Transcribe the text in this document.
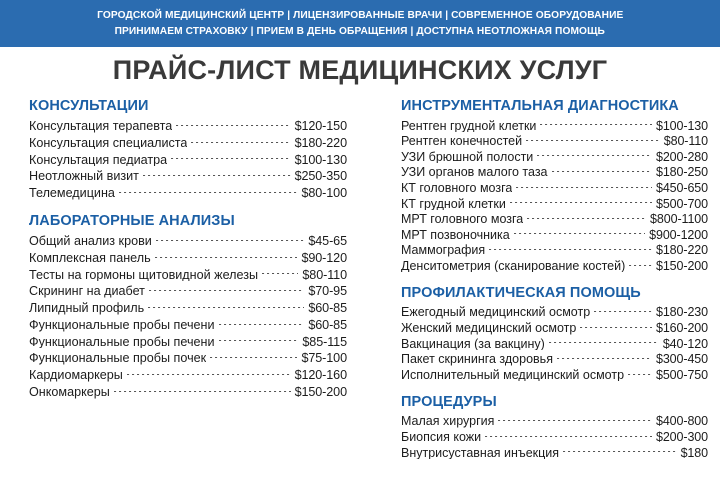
ГОРОДСКОЙ МЕДИЦИНСКИЙ ЦЕНТР | ЛИЦЕНЗИРОВАННЫЕ ВРАЧИ | СОВРЕМЕННОЕ ОБОРУДОВАНИЕ
ПРИНИМАЕМ СТРАХОВКУ | ПРИЕМ В ДЕНЬ ОБРАЩЕНИЯ | ДОСТУПНА НЕОТЛОЖНАЯ ПОМОЩЬ
ПРАЙС-ЛИСТ МЕДИЦИНСКИХ УСЛУГ
КОНСУЛЬТАЦИИ
Консультация терапевта	$120-150
Консультация специалиста	$180-220
Консультация педиатра	$100-130
Неотложный визит	$250-350
Телемедицина	$80-100
ЛАБОРАТОРНЫЕ АНАЛИЗЫ
Общий анализ крови	$45-65
Комплексная панель	$90-120
Тесты на гормоны щитовидной железы	$80-110
Скрининг на диабет	$70-95
Липидный профиль	$60-85
Функциональные пробы печени	$60-85
Функциональные пробы печени	$85-115
Функциональные пробы почек	$75-100
Кардиомаркеры	$120-160
Онкомаркеры	$150-200
ИНСТРУМЕНТАЛЬНАЯ ДИАГНОСТИКА
Рентген грудной клетки	$100-130
Рентген конечностей	$80-110
УЗИ брюшной полости	$200-280
УЗИ органов малого таза	$180-250
КТ головного мозга	$450-650
КТ грудной клетки	$500-700
МРТ головного мозга	$800-1100
МРТ позвоночника	$900-1200
Маммография	$180-220
Денситометрия (сканирование костей) $150-200
ПРОФИЛАКТИЧЕСКАЯ ПОМОЩЬ
Ежегодный медицинский осмотр	$180-230
Женский медицинский осмотр	$160-200
Вакцинация (за вакцину)	$40-120
Пакет скрининга здоровья	$300-450
Исполнительный медицинский осмотр	$500-750
ПРОЦЕДУРЫ
Малая хирургия	$400-800
Биопсия кожи	$200-300
Внутрисуставная инъекция	$180
